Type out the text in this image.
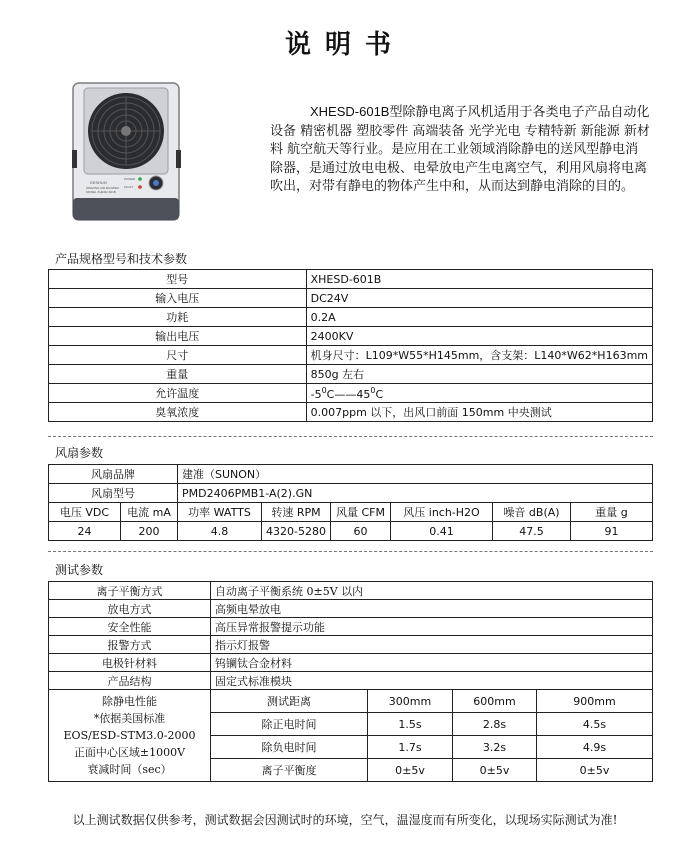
说明书
KESHUN
IONIZING AIR BLOWER
MODEL XHESD-601B
POWER
FAULT
XHESD-601B型除静电离子风机适用于各类电子产品自动化设备 精密机器 塑胶零件 高端装备 光学光电 专精特新 新能源 新材料 航空航天等行业。是应用在工业领域消除静电的送风型静电消除器，是通过放电电极、电晕放电产生电离空气，利用风扇将电离吹出，对带有静电的物体产生中和，从而达到静电消除的目的。
产品规格型号和技术参数
型号	XHESD-601B
输入电压	DC24V
功耗	0.2A
输出电压	2400KV
尺寸	机身尺寸：L109*W55*H145mm，含支架：L140*W62*H163mm
重量	850g 左右
允许温度	$-5^0C——45^0C$
臭氧浓度	0.007ppm 以下，出风口前面 150mm 中央测试
风扇参数
风扇品牌		建准（SUNON）					
风扇型号		PMD2406PMB1-A(2).GN					
电压 VDC	电流 mA	功率 WATTS	转速 RPM	风量 CFM	风压 inch-H2O	噪音 dB(A)	重量 g
24	200	4.8	4320-5280	60	0.41	47.5	91
测试参数
离子平衡方式	自动离子平衡系统 0±5V 以内			
放电方式	高频电晕放电			
安全性能	高压异常报警提示功能			
报警方式	指示灯报警			
电极针材料	钨镧钛合金材料			
产品结构	固定式标准模块			

除静电性能
*依据美国标准
EOS/ESD-STM3.0-2000
正面中心区域±1000V
衰减时间（sec）	测试距离	300mm	600mm	900mm
	除正电时间	1.5s	2.8s	4.5s
	除负电时间	1.7s	3.2s	4.9s
	离子平衡度	0±5v	0±5v	0±5v
以上测试数据仅供参考，测试数据会因测试时的环境，空气，温湿度而有所变化，以现场实际测试为准!
